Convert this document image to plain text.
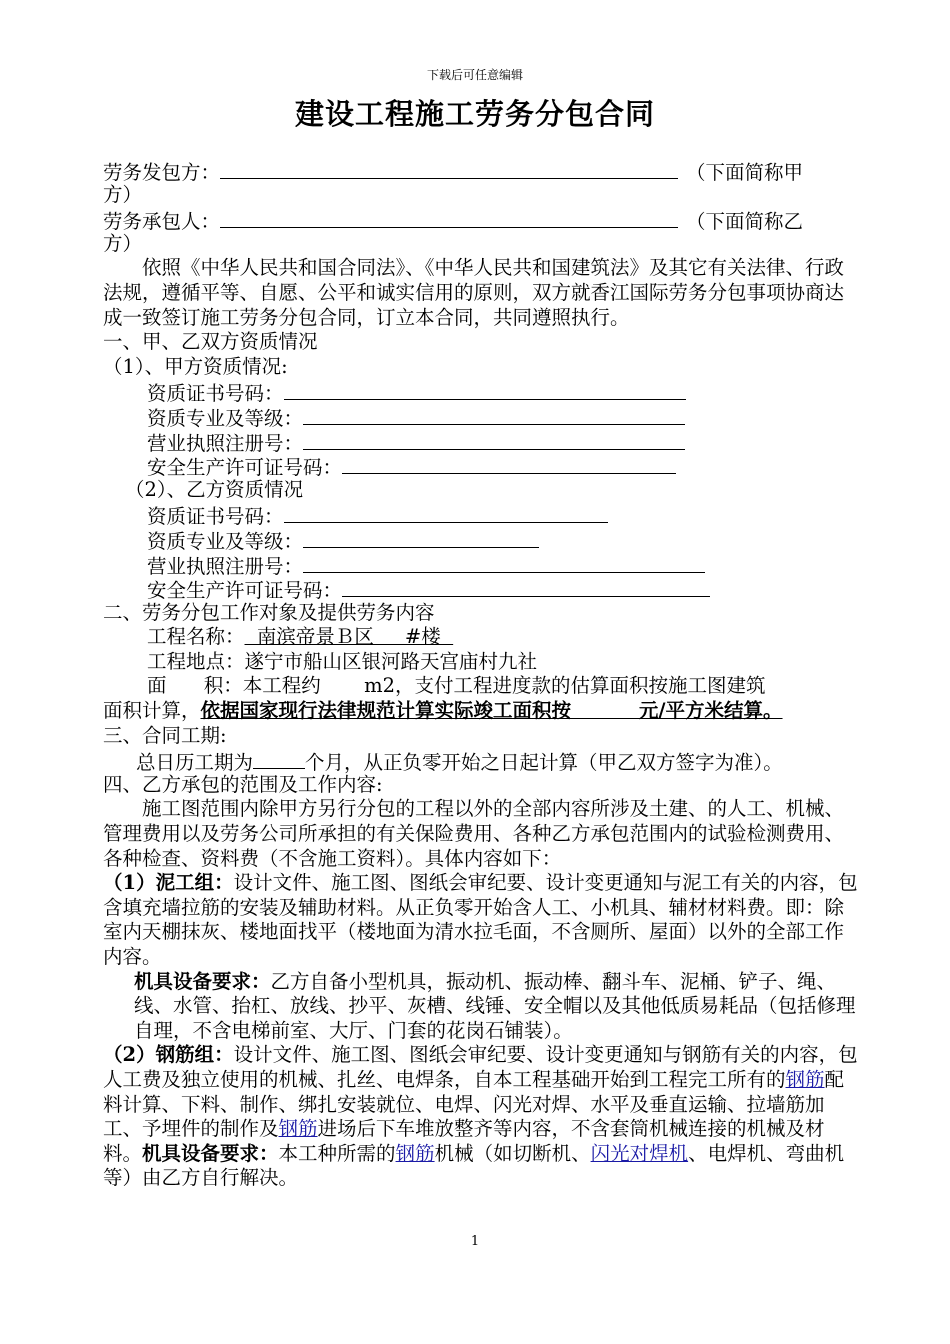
下载后可任意编辑
建设工程施工劳务分包合同
劳务发包方：	（下面简称甲
方）
劳务承包人：	（下面简称乙
方）
依照《中华人民共和国合同法》、《中华人民共和国建筑法》及其它有关法律、行政法规，遵循平等、自愿、公平和诚实信用的原则，双方就香江国际劳务分包事项协商达成一致签订施工劳务分包合同，订立本合同，共同遵照执行。
一、甲、乙双方资质情况
（1）、甲方资质情况:
资质证书号码：
资质专业及等级：
营业执照注册号：
安全生产许可证号码：
（2）、乙方资质情况
资质证书号码：
资质专业及等级：
营业执照注册号：
安全生产许可证号码：
二、劳务分包工作对象及提供劳务内容
工程名称：  南滨帝景Ｂ区     #楼
工程地点：遂宁市船山区银河路天宫庙村九社
面      积：本工程约       m2，支付工程进度款的估算面积按施工图建筑
面积计算，依据国家现行法律规范计算实际竣工面积按          元/平方米结算。
三、合同工期:
总日历工期为	个月，从正负零开始之日起计算（甲乙双方签字为准）。
四、乙方承包的范围及工作内容:
施工图范围内除甲方另行分包的工程以外的全部内容所涉及土建、的人工、机械、管理费用以及劳务公司所承担的有关保险费用、各种乙方承包范围内的试验检测费用、各种检查、资料费（不含施工资料）。具体内容如下：
（1）泥工组：设计文件、施工图、图纸会审纪要、设计变更通知与泥工有关的内容，包含填充墙拉筋的安装及辅助材料。从正负零开始含人工、小机具、辅材材料费。即：除室内天棚抹灰、楼地面找平（楼地面为清水拉毛面，不含厕所、屋面）以外的全部工作内容。
机具设备要求：乙方自备小型机具，振动机、振动棒、翻斗车、泥桶、铲子、绳、线、水管、抬杠、放线、抄平、灰槽、线锤、安全帽以及其他低质易耗品（包括修理自理，不含电梯前室、大厅、门套的花岗石铺装）。
（2）钢筋组：设计文件、施工图、图纸会审纪要、设计变更通知与钢筋有关的内容，包人工费及独立使用的机械、扎丝、电焊条，自本工程基础开始到工程完工所有的钢筋配料计算、下料、制作、绑扎安装就位、电焊、闪光对焊、水平及垂直运输、拉墙筋加工、予埋件的制作及钢筋进场后下车堆放整齐等内容，不含套筒机械连接的机械及材料。机具设备要求：本工种所需的钢筋机械（如切断机、闪光对焊机、电焊机、弯曲机等）由乙方自行解决。
1
